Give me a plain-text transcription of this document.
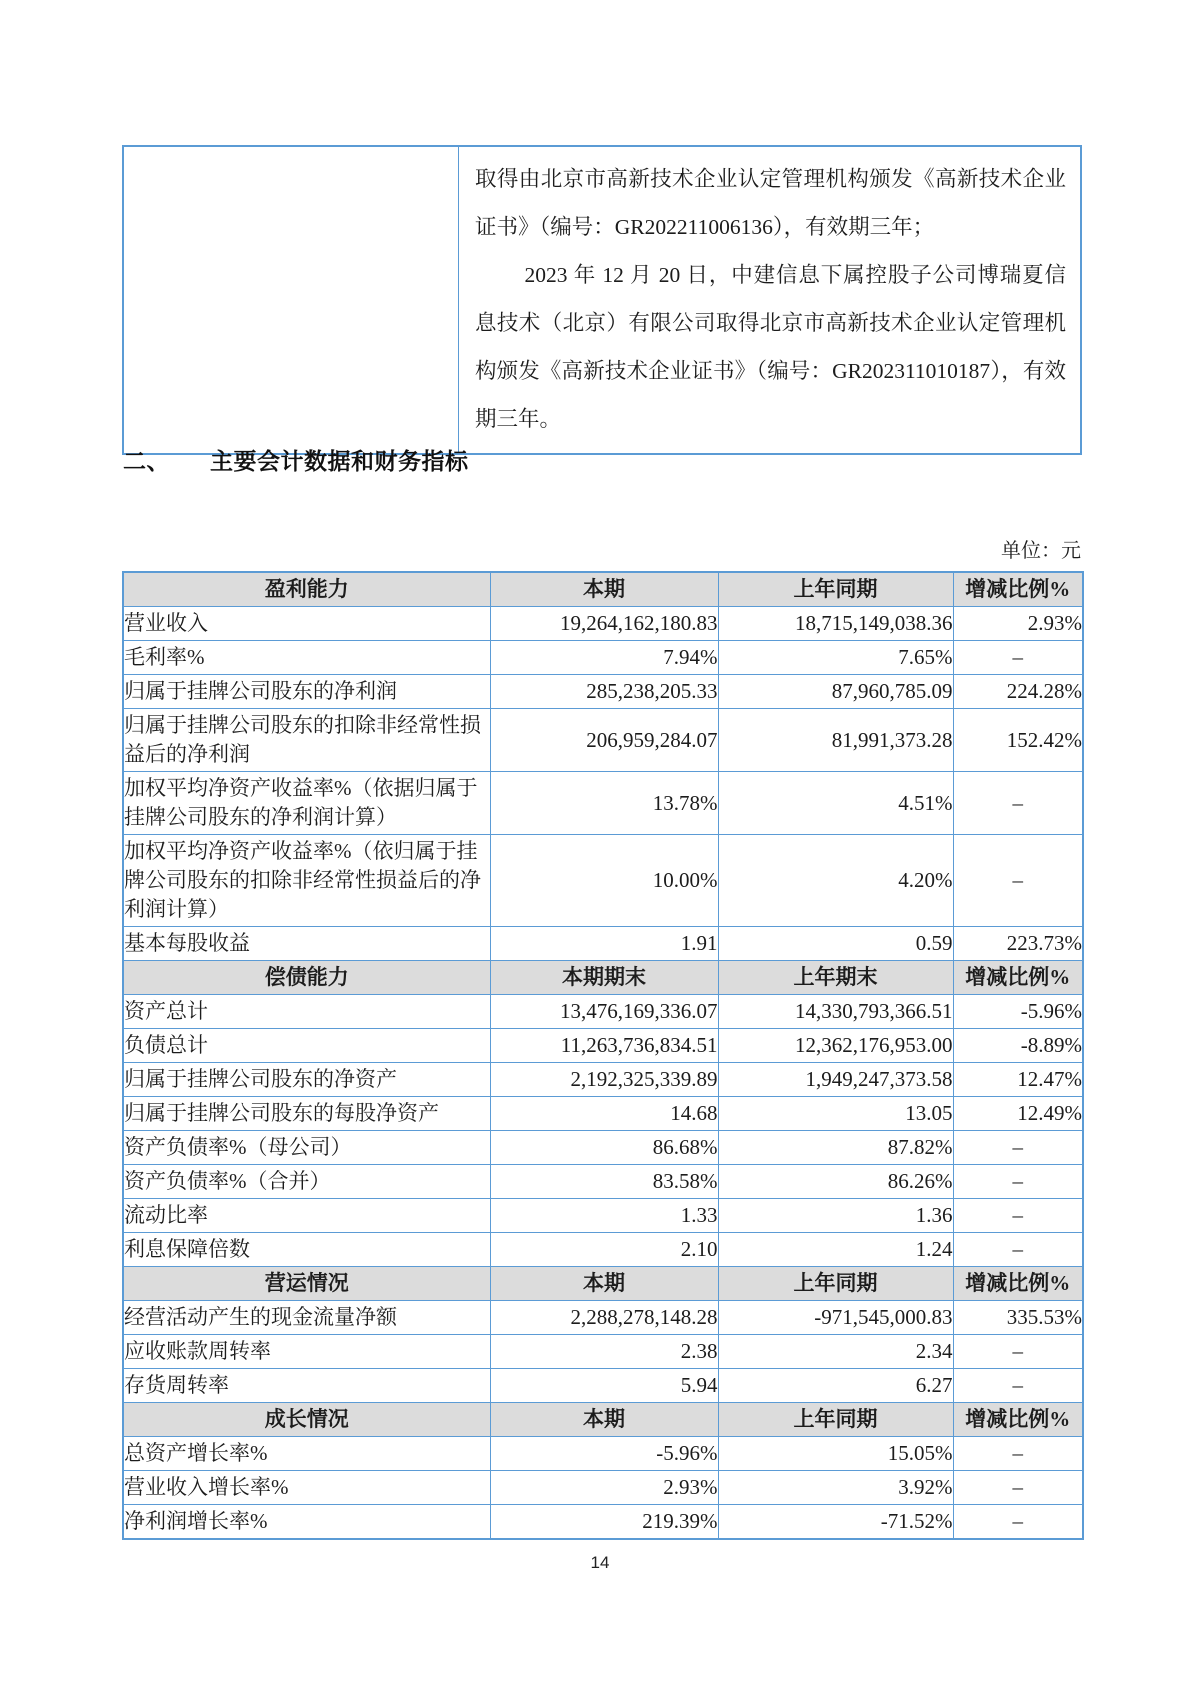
取得由北京市高新技术企业认定管理机构颁发《高新技术企业证书》（编号：GR202211006136），有效期三年；

2023 年 12 月 20 日，中建信息下属控股子公司博瑞夏信息技术（北京）有限公司取得北京市高新技术企业认定管理机构颁发《高新技术企业证书》（编号：GR202311010187），有效期三年。

二、 主要会计数据和财务指标
单位：元
盈利能力	本期	上年同期	增减比例%
营业收入	19,264,162,180.83	18,715,149,038.36	2.93%
毛利率%	7.94%	7.65%	–
归属于挂牌公司股东的净利润	285,238,205.33	87,960,785.09	224.28%
归属于挂牌公司股东的扣除非经常性损益后的净利润	206,959,284.07	81,991,373.28	152.42%
加权平均净资产收益率%（依据归属于挂牌公司股东的净利润计算）	13.78%	4.51%	–
加权平均净资产收益率%（依归属于挂牌公司股东的扣除非经常性损益后的净利润计算）	10.00%	4.20%	–
基本每股收益	1.91	0.59	223.73%
偿债能力	本期期末	上年期末	增减比例%
资产总计	13,476,169,336.07	14,330,793,366.51	-5.96%
负债总计	11,263,736,834.51	12,362,176,953.00	-8.89%
归属于挂牌公司股东的净资产	2,192,325,339.89	1,949,247,373.58	12.47%
归属于挂牌公司股东的每股净资产	14.68	13.05	12.49%
资产负债率%（母公司）	86.68%	87.82%	–
资产负债率%（合并）	83.58%	86.26%	–
流动比率	1.33	1.36	–
利息保障倍数	2.10	1.24	–
营运情况	本期	上年同期	增减比例%
经营活动产生的现金流量净额	2,288,278,148.28	-971,545,000.83	335.53%
应收账款周转率	2.38	2.34	–
存货周转率	5.94	6.27	–
成长情况	本期	上年同期	增减比例%
总资产增长率%	-5.96%	15.05%	–
营业收入增长率%	2.93%	3.92%	–
净利润增长率%	219.39%	-71.52%	–
14
